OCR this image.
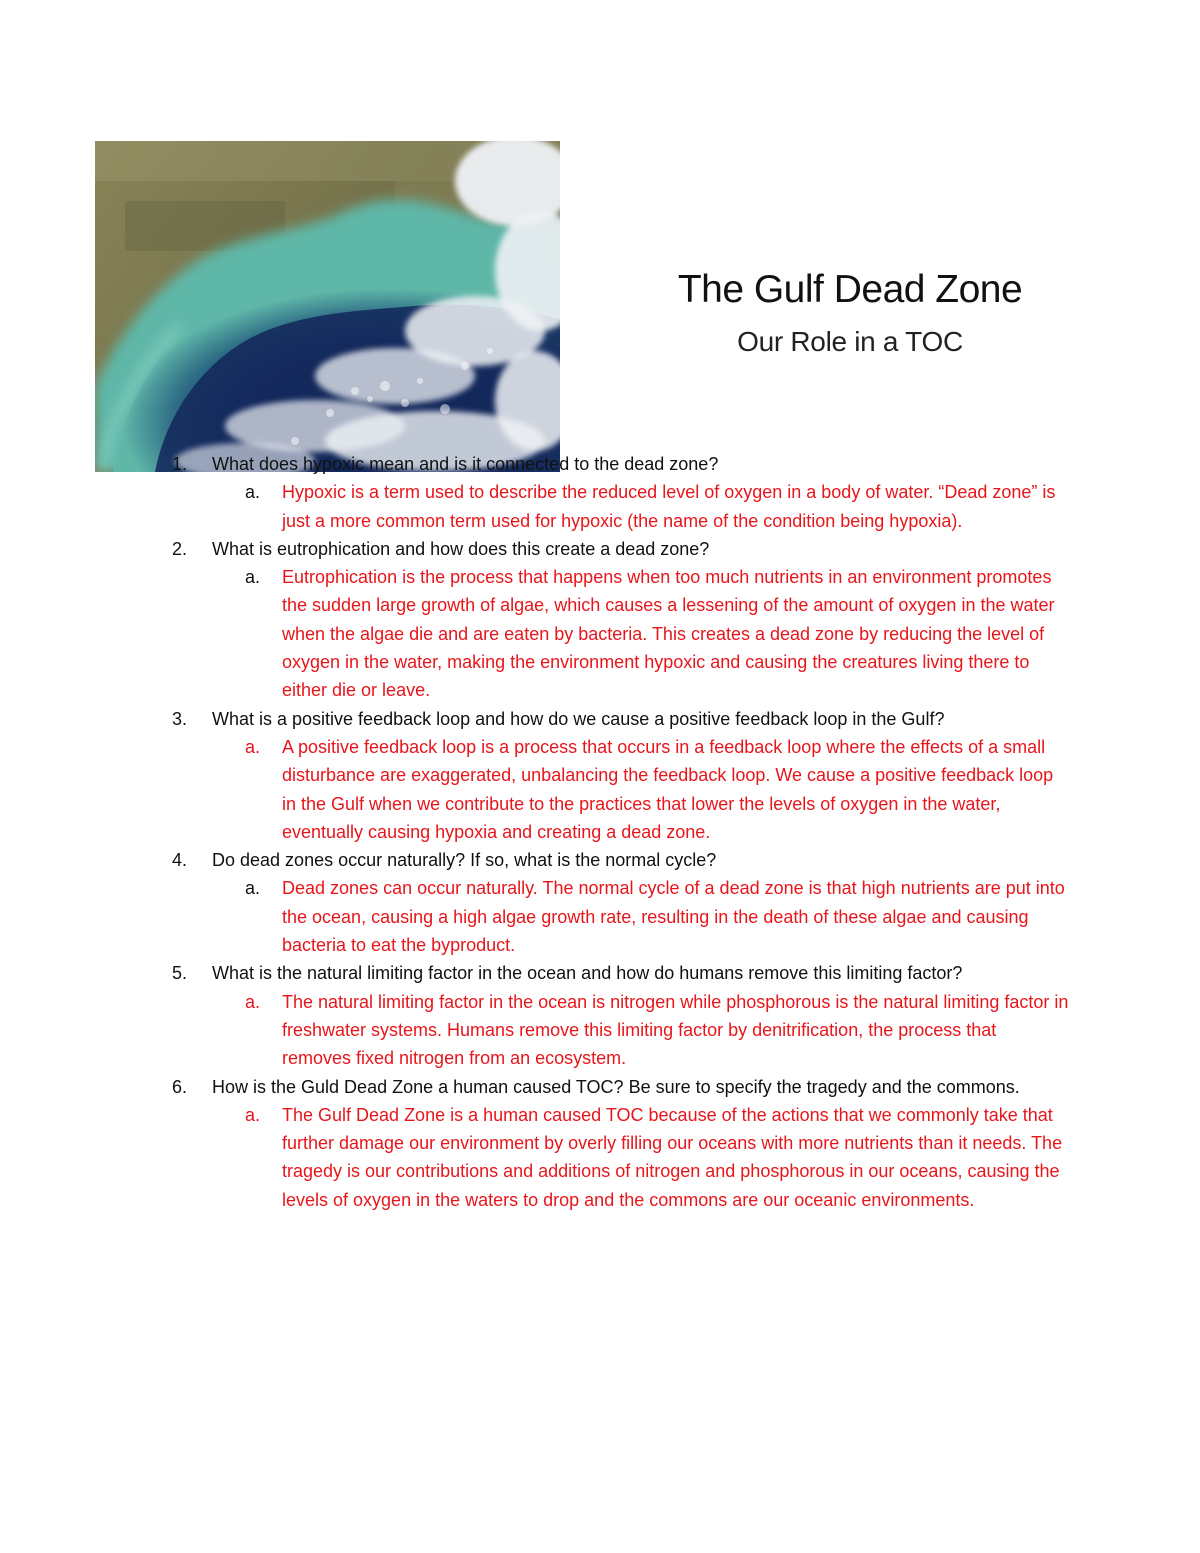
The Gulf Dead Zone
Our Role in a TOC
1. What does hypoxic mean and is it connected to the dead zone?
a. Hypoxic is a term used to describe the reduced level of oxygen in a body of water. “Dead zone” is just a more common term used for hypoxic (the name of the condition being hypoxia).
2. What is eutrophication and how does this create a dead zone?
a. Eutrophication is the process that happens when too much nutrients in an environment promotes the sudden large growth of algae, which causes a lessening of the amount of oxygen in the water when the algae die and are eaten by bacteria. This creates a dead zone by reducing the level of oxygen in the water, making the environment hypoxic and causing the creatures living there to either die or leave.
3. What is a positive feedback loop and how do we cause a positive feedback loop in the Gulf?
a. A positive feedback loop is a process that occurs in a feedback loop where the effects of a small disturbance are exaggerated, unbalancing the feedback loop. We cause a positive feedback loop in the Gulf when we contribute to the practices that lower the levels of oxygen in the water, eventually causing hypoxia and creating a dead zone.
4. Do dead zones occur naturally? If so, what is the normal cycle?
a. Dead zones can occur naturally. The normal cycle of a dead zone is that high nutrients are put into the ocean, causing a high algae growth rate, resulting in the death of these algae and causing bacteria to eat the byproduct.
5. What is the natural limiting factor in the ocean and how do humans remove this limiting factor?
a. The natural limiting factor in the ocean is nitrogen while phosphorous is the natural limiting factor in freshwater systems. Humans remove this limiting factor by denitrification, the process that removes fixed nitrogen from an ecosystem.
6. How is the Guld Dead Zone a human caused TOC? Be sure to specify the tragedy and the commons.
a. The Gulf Dead Zone is a human caused TOC because of the actions that we commonly take that further damage our environment by overly filling our oceans with more nutrients than it needs. The tragedy is our contributions and additions of nitrogen and phosphorous in our oceans, causing the levels of oxygen in the waters to drop and the commons are our oceanic environments.
